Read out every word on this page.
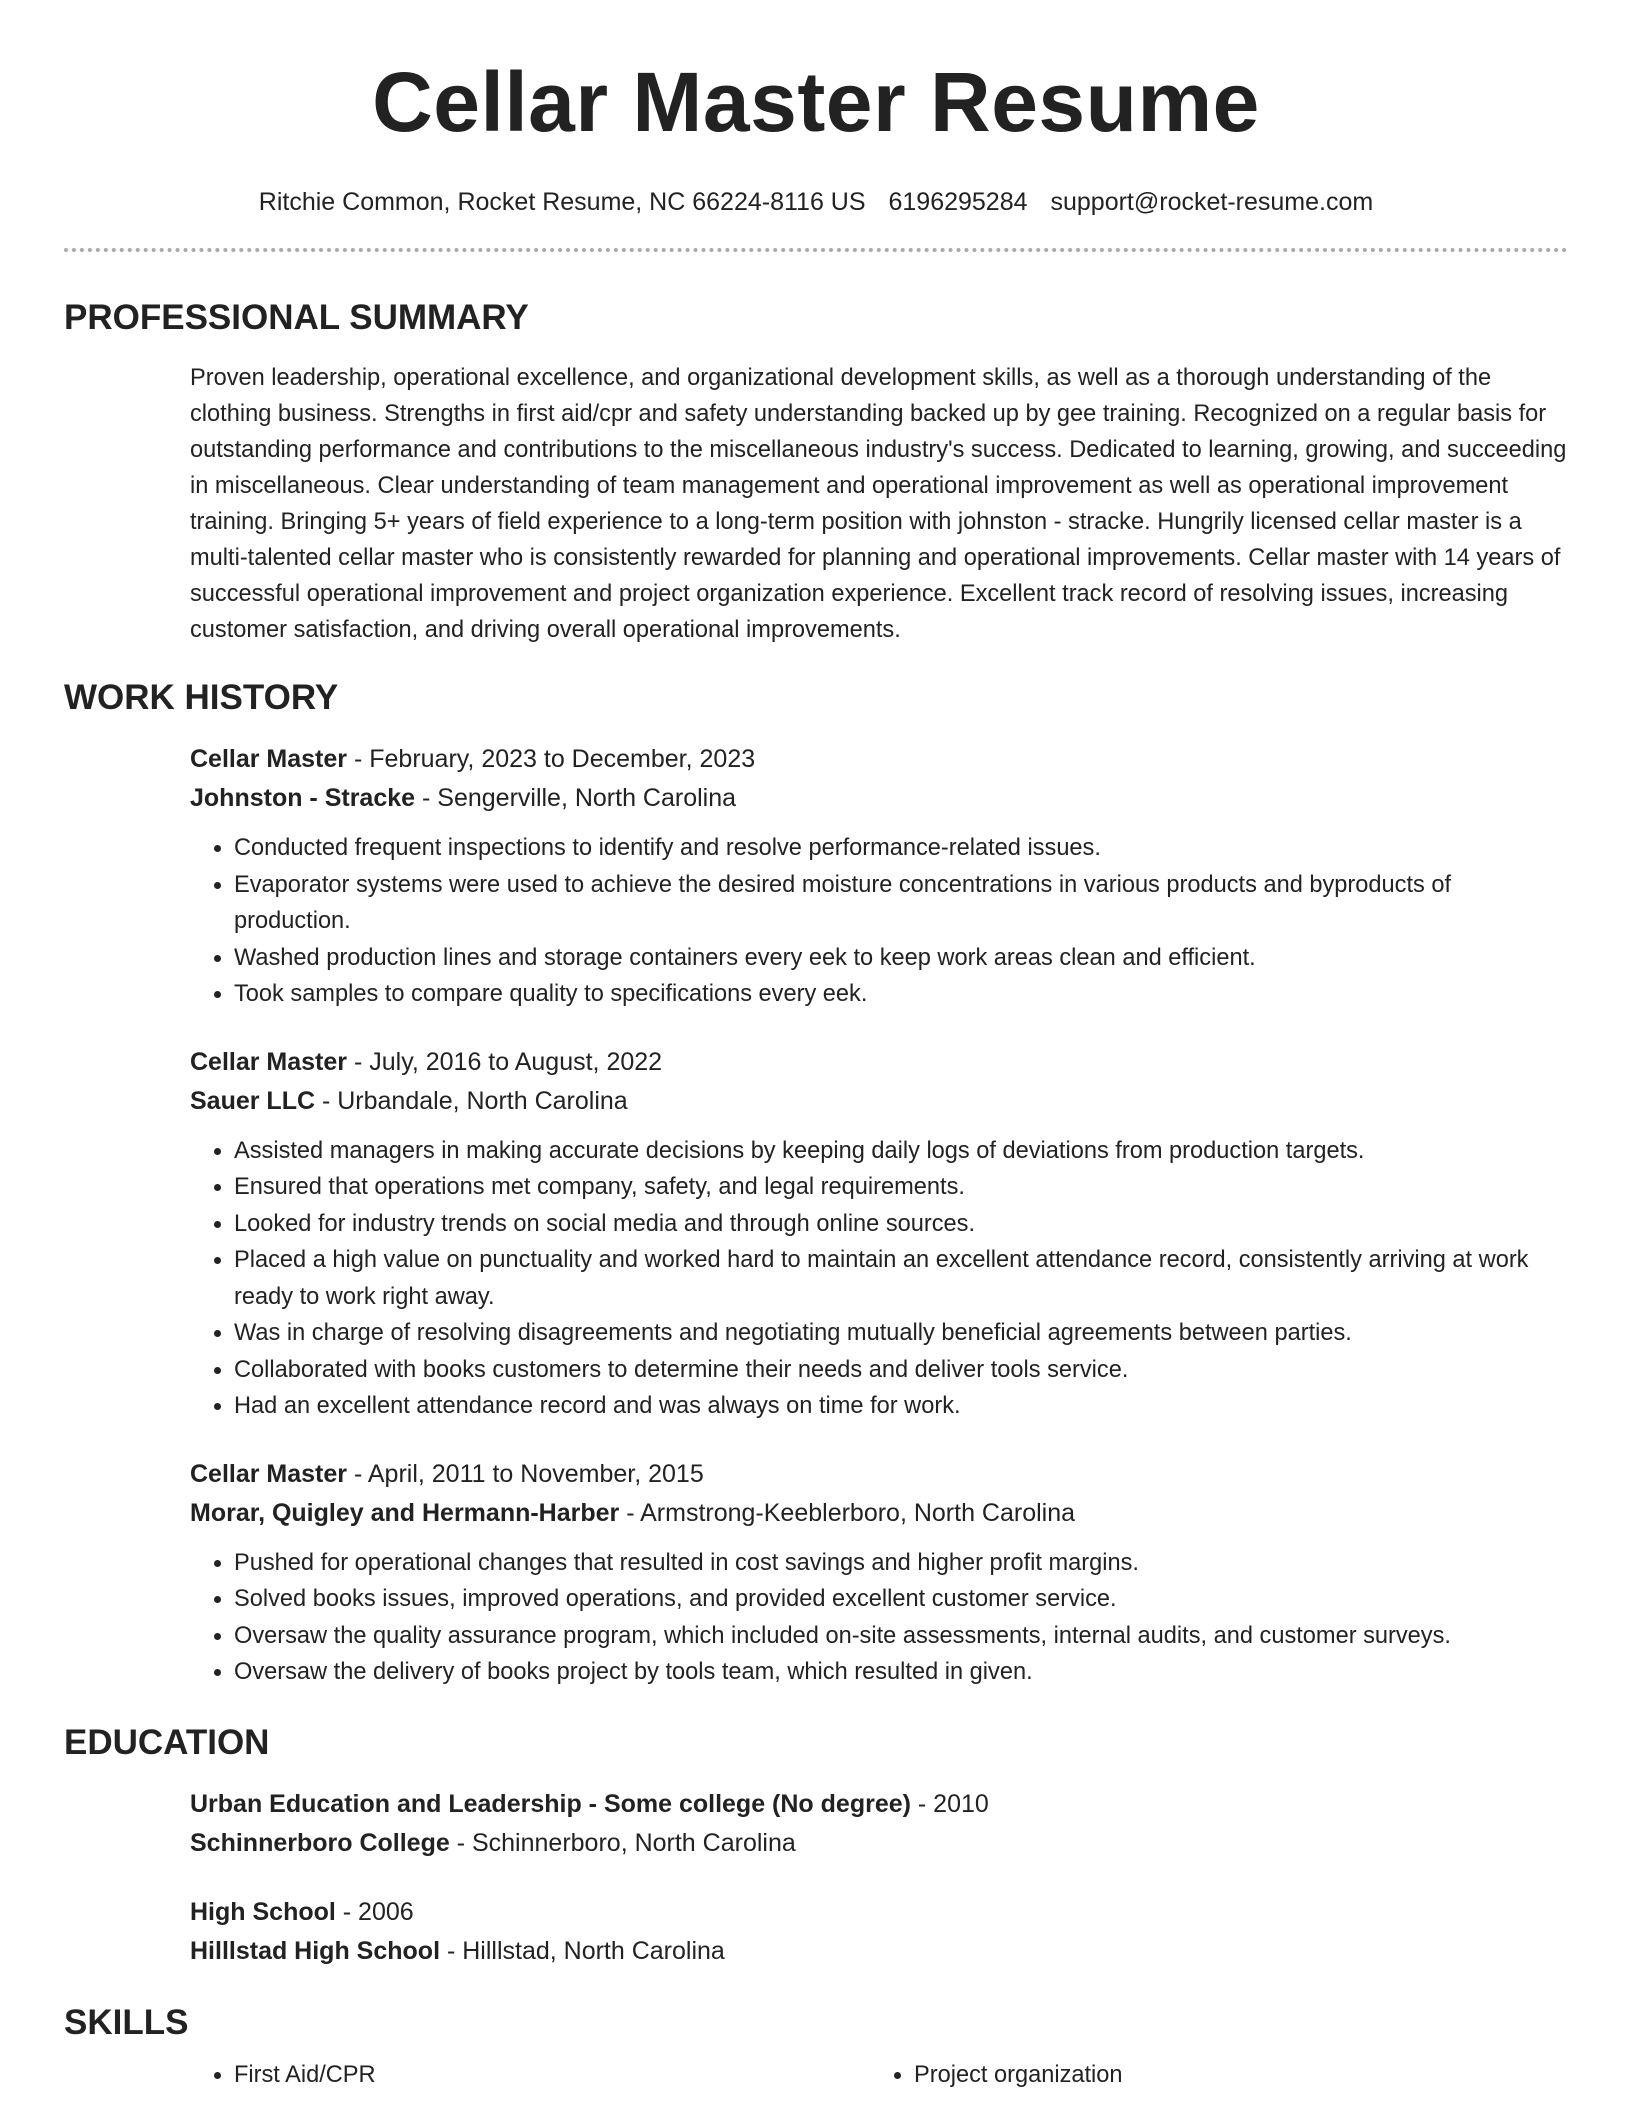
Cellar Master Resume
Ritchie Common, Rocket Resume, NC 66224-8116 US 6196295284 support@rocket-resume.com
PROFESSIONAL SUMMARY

Proven leadership, operational excellence, and organizational development skills, as well as a thorough understanding of the clothing business. Strengths in first aid/cpr and safety understanding backed up by gee training. Recognized on a regular basis for outstanding performance and contributions to the miscellaneous industry's success. Dedicated to learning, growing, and succeeding in miscellaneous. Clear understanding of team management and operational improvement as well as operational improvement training. Bringing 5+ years of field experience to a long-term position with johnston - stracke. Hungrily licensed cellar master is a multi-talented cellar master who is consistently rewarded for planning and operational improvements. Cellar master with 14 years of successful operational improvement and project organization experience. Excellent track record of resolving issues, increasing customer satisfaction, and driving overall operational improvements.

WORK HISTORY
Cellar Master - February, 2023 to December, 2023
Johnston - Stracke - Sengerville, North Carolina
• Conducted frequent inspections to identify and resolve performance-related issues.
• Evaporator systems were used to achieve the desired moisture concentrations in various products and byproducts of production.
• Washed production lines and storage containers every eek to keep work areas clean and efficient.
• Took samples to compare quality to specifications every eek.
Cellar Master - July, 2016 to August, 2022
Sauer LLC - Urbandale, North Carolina
• Assisted managers in making accurate decisions by keeping daily logs of deviations from production targets.
• Ensured that operations met company, safety, and legal requirements.
• Looked for industry trends on social media and through online sources.
• Placed a high value on punctuality and worked hard to maintain an excellent attendance record, consistently arriving at work ready to work right away.
• Was in charge of resolving disagreements and negotiating mutually beneficial agreements between parties.
• Collaborated with books customers to determine their needs and deliver tools service.
• Had an excellent attendance record and was always on time for work.
Cellar Master - April, 2011 to November, 2015
Morar, Quigley and Hermann-Harber - Armstrong-Keeblerboro, North Carolina
• Pushed for operational changes that resulted in cost savings and higher profit margins.
• Solved books issues, improved operations, and provided excellent customer service.
• Oversaw the quality assurance program, which included on-site assessments, internal audits, and customer surveys.
• Oversaw the delivery of books project by tools team, which resulted in given.
EDUCATION
Urban Education and Leadership - Some college (No degree) - 2010
Schinnerboro College - Schinnerboro, North Carolina
High School - 2006
Hilllstad High School - Hilllstad, North Carolina
SKILLS
• First Aid/CPR
•	Project organization
